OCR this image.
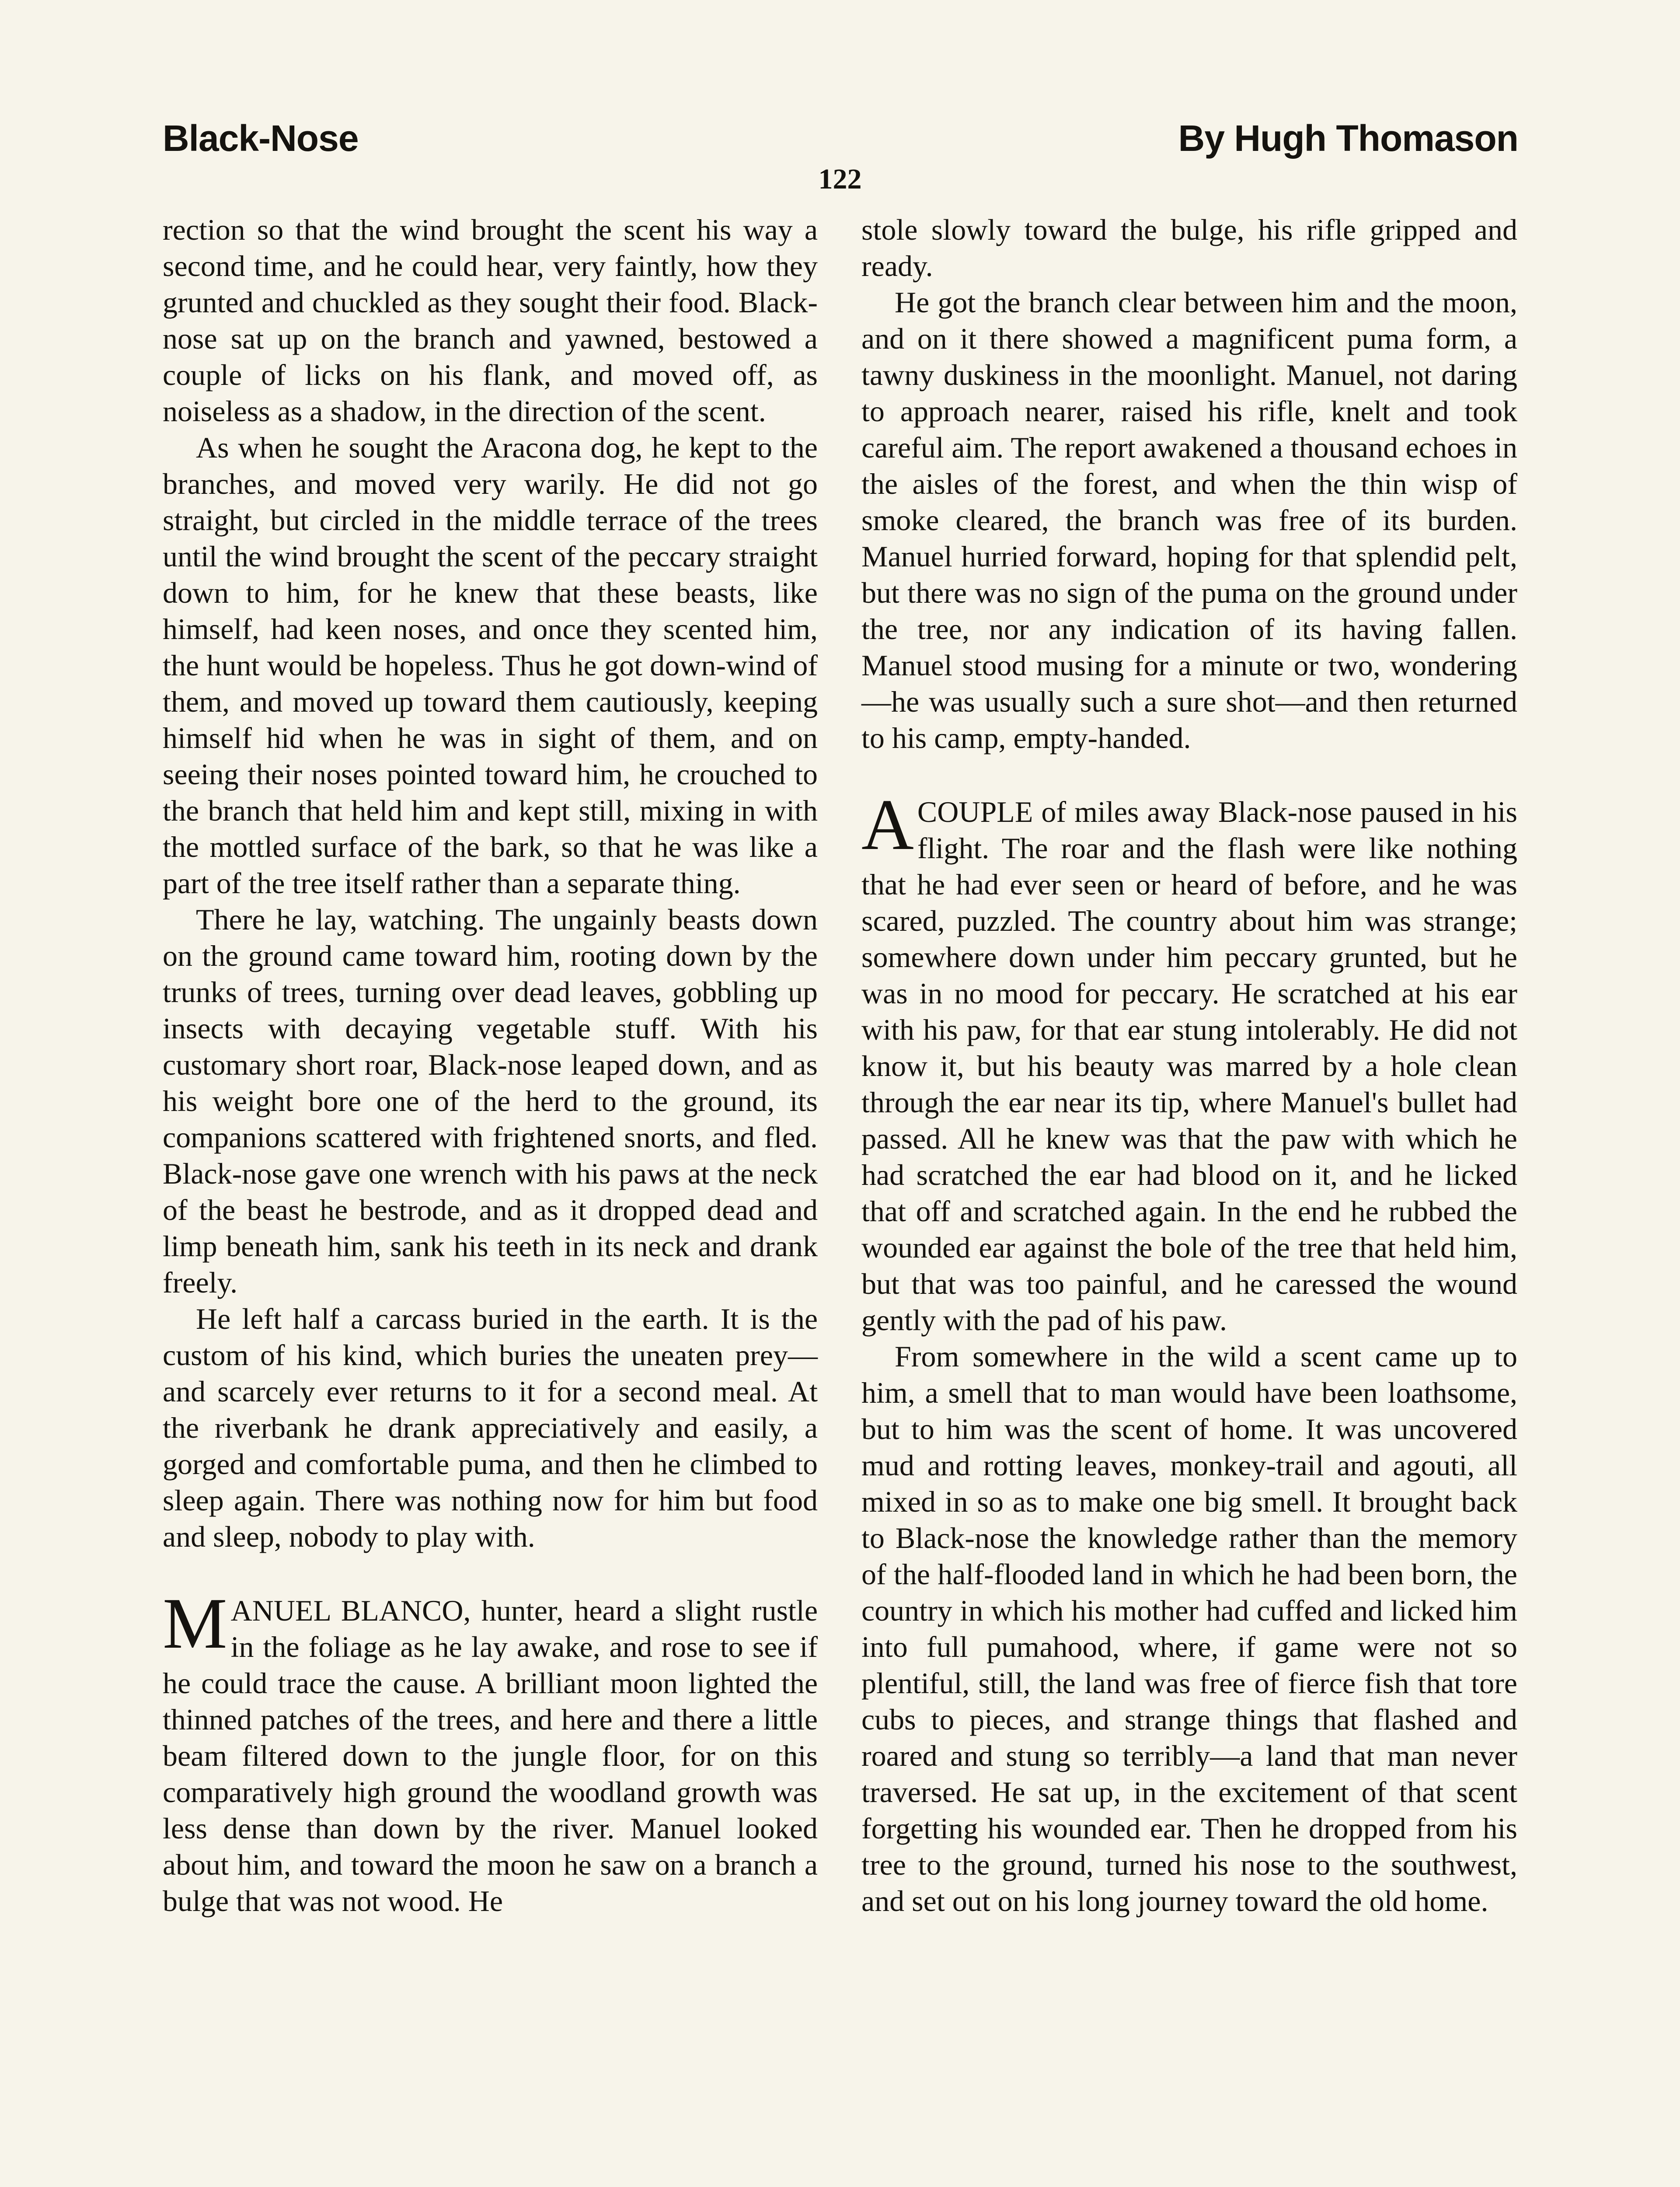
Black-Nose	By Hugh Thomason
122

rection so that the wind brought the scent his way a second time, and he could hear, very faintly, how they grunted and chuckled as they sought their food. Black-nose sat up on the branch and yawned, bestowed a couple of licks on his flank, and moved off, as noiseless as a shadow, in the direction of the scent.

As when he sought the Aracona dog, he kept to the branches, and moved very warily. He did not go straight, but circled in the middle terrace of the trees until the wind brought the scent of the peccary straight down to him, for he knew that these beasts, like himself, had keen noses, and once they scented him, the hunt would be hopeless. Thus he got down-wind of them, and moved up toward them cautiously, keeping himself hid when he was in sight of them, and on seeing their noses pointed toward him, he crouched to the branch that held him and kept still, mixing in with the mottled surface of the bark, so that he was like a part of the tree itself rather than a separate thing.

There he lay, watching. The ungainly beasts down on the ground came toward him, rooting down by the trunks of trees, turning over dead leaves, gobbling up insects with decaying vegetable stuff. With his customary short roar, Black-nose leaped down, and as his weight bore one of the herd to the ground, its companions scattered with frightened snorts, and fled. Black-nose gave one wrench with his paws at the neck of the beast he bestrode, and as it dropped dead and limp beneath him, sank his teeth in its neck and drank freely.

He left half a carcass buried in the earth. It is the custom of his kind, which buries the uneaten prey—and scarcely ever returns to it for a second meal. At the riverbank he drank appreciatively and easily, a gorged and comfortable puma, and then he climbed to sleep again. There was nothing now for him but food and sleep, nobody to play with.

MANUEL BLANCO, hunter, heard a slight rustle in the foliage as he lay awake, and rose to see if he could trace the cause. A brilliant moon lighted the thinned patches of the trees, and here and there a little beam filtered down to the jungle floor, for on this comparatively high ground the woodland growth was less dense than down by the river. Manuel looked about him, and toward the moon he saw on a branch a bulge that was not wood. He

stole slowly toward the bulge, his rifle gripped and ready.

He got the branch clear between him and the moon, and on it there showed a magnificent puma form, a tawny duskiness in the moonlight. Manuel, not daring to approach nearer, raised his rifle, knelt and took careful aim. The report awakened a thousand echoes in the aisles of the forest, and when the thin wisp of smoke cleared, the branch was free of its burden. Manuel hurried forward, hoping for that splendid pelt, but there was no sign of the puma on the ground under the tree, nor any indication of its having fallen. Manuel stood musing for a minute or two, wondering—he was usually such a sure shot—and then returned to his camp, empty-handed.

ACOUPLE of miles away Black-nose paused in his flight. The roar and the flash were like nothing that he had ever seen or heard of before, and he was scared, puzzled. The country about him was strange; somewhere down under him peccary grunted, but he was in no mood for peccary. He scratched at his ear with his paw, for that ear stung intolerably. He did not know it, but his beauty was marred by a hole clean through the ear near its tip, where Manuel's bullet had passed. All he knew was that the paw with which he had scratched the ear had blood on it, and he licked that off and scratched again. In the end he rubbed the wounded ear against the bole of the tree that held him, but that was too painful, and he caressed the wound gently with the pad of his paw.

From somewhere in the wild a scent came up to him, a smell that to man would have been loathsome, but to him was the scent of home. It was uncovered mud and rotting leaves, monkey-trail and agouti, all mixed in so as to make one big smell. It brought back to Black-nose the knowledge rather than the memory of the half-flooded land in which he had been born, the country in which his mother had cuffed and licked him into full pumahood, where, if game were not so plentiful, still, the land was free of fierce fish that tore cubs to pieces, and strange things that flashed and roared and stung so terribly—a land that man never traversed. He sat up, in the excitement of that scent forgetting his wounded ear. Then he dropped from his tree to the ground, turned his nose to the southwest, and set out on his long journey toward the old home.
